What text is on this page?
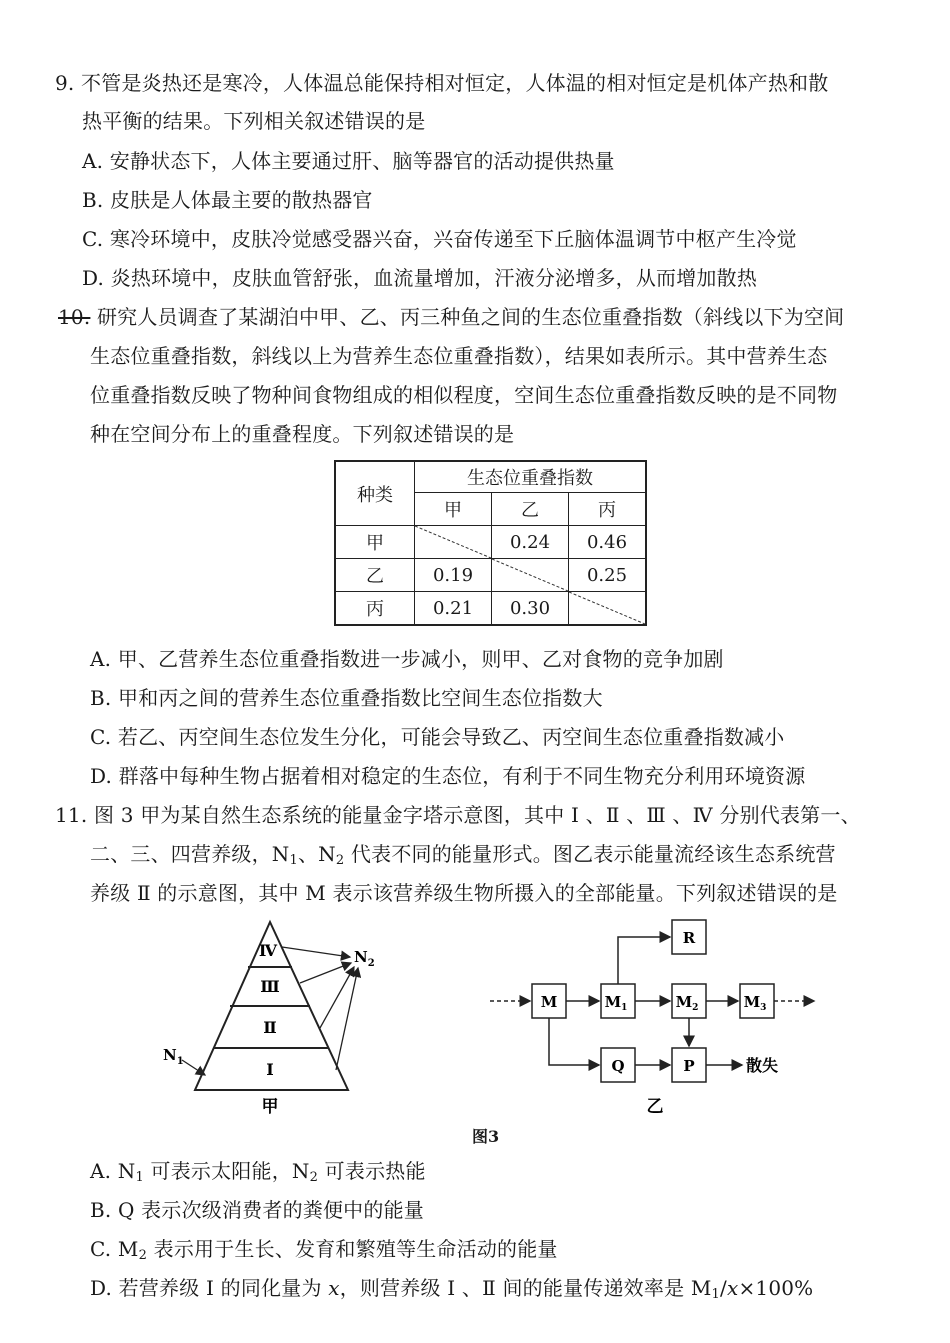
9. 不管是炎热还是寒冷，人体温总能保持相对恒定，人体温的相对恒定是机体产热和散
热平衡的结果。下列相关叙述错误的是
A. 安静状态下，人体主要通过肝、脑等器官的活动提供热量
B. 皮肤是人体最主要的散热器官
C. 寒冷环境中，皮肤冷觉感受器兴奋，兴奋传递至下丘脑体温调节中枢产生冷觉
D. 炎热环境中，皮肤血管舒张，血流量增加，汗液分泌增多，从而增加散热
10. 研究人员调查了某湖泊中甲、乙、丙三种鱼之间的生态位重叠指数（斜线以下为空间
生态位重叠指数，斜线以上为营养生态位重叠指数），结果如表所示。其中营养生态
位重叠指数反映了物种间食物组成的相似程度，空间生态位重叠指数反映的是不同物
种在空间分布上的重叠程度。下列叙述错误的是
种类	生态位重叠指数		
	甲	乙	丙
甲		0.24	0.46
乙	0.19		0.25
丙	0.21	0.30	
A. 甲、乙营养生态位重叠指数进一步减小，则甲、乙对食物的竞争加剧
B. 甲和丙之间的营养生态位重叠指数比空间生态位指数大
C. 若乙、丙空间生态位发生分化，可能会导致乙、丙空间生态位重叠指数减小
D. 群落中每种生物占据着相对稳定的生态位，有利于不同生物充分利用环境资源
11. 图 3 甲为某自然生态系统的能量金字塔示意图，其中 Ⅰ 、Ⅱ 、Ⅲ 、Ⅳ 分别代表第一、
二、三、四营养级，$N_1$、$N_2$ 代表不同的能量形式。图乙表示能量流经该生态系统营
养级 Ⅱ 的示意图，其中 M 表示该营养级生物所摄入的全部能量。下列叙述错误的是
Ⅳ
Ⅲ
Ⅱ
Ⅰ
$N_1$
$N_2$
甲
M	$M_1$	$M_2$	$M_3$
R
Q	P	散失
乙
图3
A. $N_1$ 可表示太阳能，$N_2$ 可表示热能
B. Q 表示次级消费者的粪便中的能量
C. $M_2$ 表示用于生长、发育和繁殖等生命活动的能量
D. 若营养级 Ⅰ 的同化量为 x，则营养级 Ⅰ 、Ⅱ 间的能量传递效率是 $M_1/x\times 100\%$
